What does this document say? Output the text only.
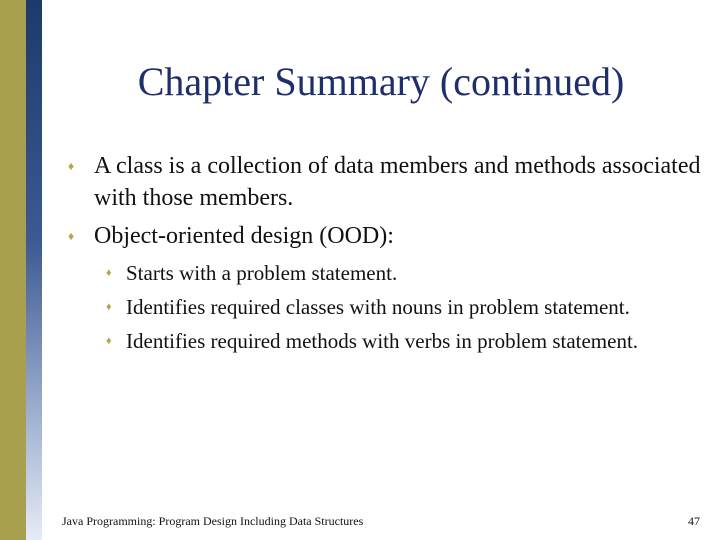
Chapter Summary (continued)
♦ A class is a collection of data members and methods associated with those members.
♦ Object-oriented design (OOD):
♦ Starts with a problem statement.
♦ Identifies required classes with nouns in problem statement.
♦ Identifies required methods with verbs in problem statement.
Java Programming: Program Design Including Data Structures	47
